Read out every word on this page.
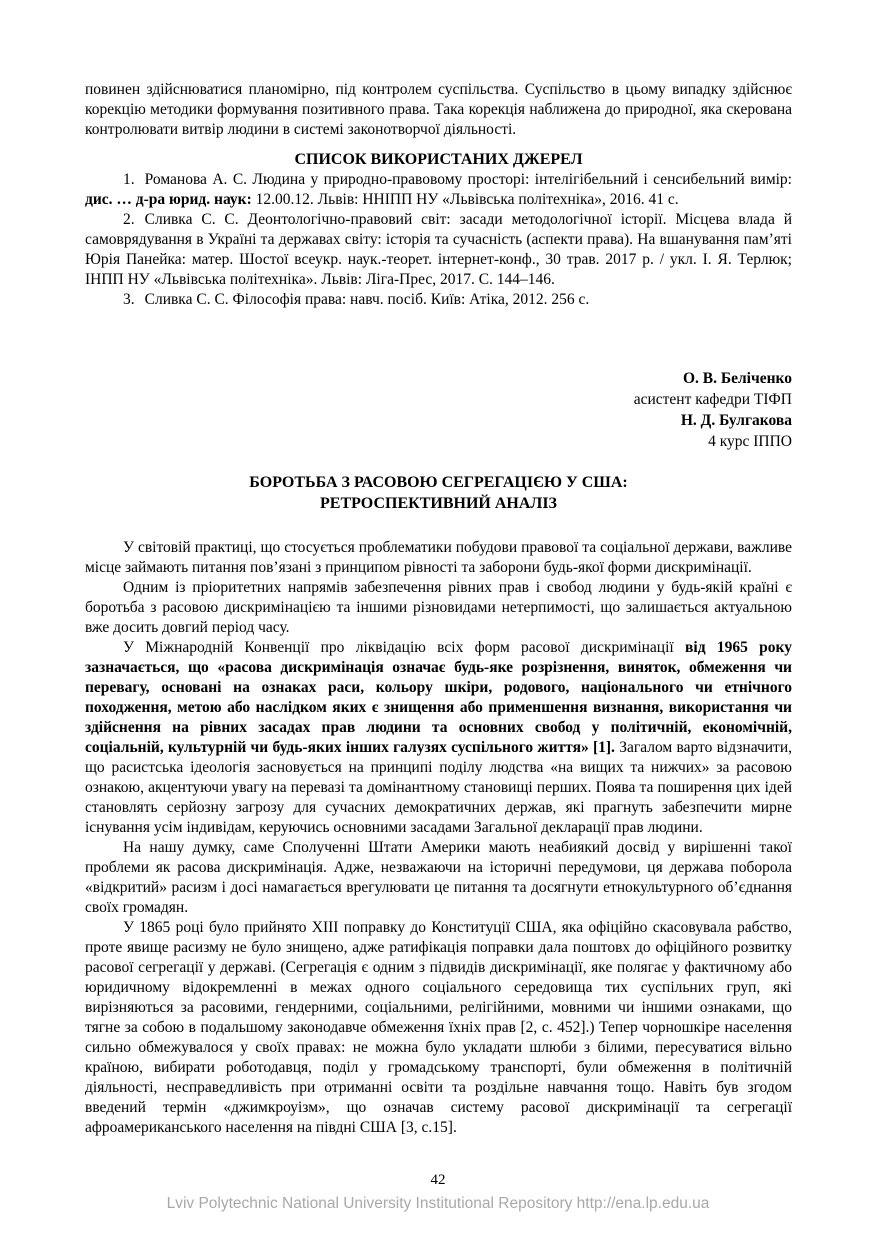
повинен здійснюватися планомірно, під контролем суспільства. Суспільство в цьому випадку здійснює корекцію методики формування позитивного права. Така корекція наближена до природної, яка скерована контролювати витвір людини в системі законотворчої діяльності.

СПИСОК ВИКОРИСТАНИХ ДЖЕРЕЛ

1. Романова А. С. Людина у природно-правовому просторі: інтелігібельний і сенсибельний вимір: дис. … д-ра юрид. наук: 12.00.12. Львів: ННІПП НУ «Львівська політехніка», 2016. 41 с.

2. Сливка С. С. Деонтологічно-правовий світ: засади методологічної історії. Місцева влада й самоврядування в Україні та державах світу: історія та сучасність (аспекти права). На вшанування пам’яті Юрія Панейка: матер. Шостої всеукр. наук.-теорет. інтернет-конф., 30 трав. 2017 р. / укл. І. Я. Терлюк; ІНПП НУ «Львівська політехніка». Львів: Ліга-Прес, 2017. С. 144–146.

3. Сливка С. С. Філософія права: навч. посіб. Київ: Атіка, 2012. 256 с.

О. В. Беліченко
асистент кафедри ТІФП
Н. Д. Булгакова
4 курс ІППО
БОРОТЬБА З РАСОВОЮ СЕГРЕГАЦІЄЮ У США:
РЕТРОСПЕКТИВНИЙ АНАЛІЗ

У світовій практиці, що стосується проблематики побудови правової та соціальної держави, важливе місце займають питання пов’язані з принципом рівності та заборони будь-якої форми дискримінації.

Одним із пріоритетних напрямів забезпечення рівних прав і свобод людини у будь-якій країні є боротьба з расовою дискримінацією та іншими різновидами нетерпимості, що залишається актуальною вже досить довгий період часу.

У Міжнародній Конвенції про ліквідацію всіх форм расової дискримінації від 1965 року зазначається, що «расова дискримінація означає будь-яке розрізнення, виняток, обмеження чи перевагу, основані на ознаках раси, кольору шкіри, родового, національного чи етнічного походження, метою або наслідком яких є знищення або применшення визнання, використання чи здійснення на рівних засадах прав людини та основних свобод у політичній, економічній, соціальній, культурній чи будь-яких інших галузях суспільного життя» [1]. Загалом варто відзначити, що расистська ідеологія засновується на принципі поділу людства «на вищих та нижчих» за расовою ознакою, акцентуючи увагу на перевазі та домінантному становищі перших. Поява та поширення цих ідей становлять серйозну загрозу для сучасних демократичних держав, які прагнуть забезпечити мирне існування усім індивідам, керуючись основними засадами Загальної декларації прав людини.

На нашу думку, саме Сполученні Штати Америки мають неабиякий досвід у вирішенні такої проблеми як расова дискримінація. Адже, незважаючи на історичні передумови, ця держава поборола «відкритий» расизм і досі намагається врегулювати це питання та досягнути етнокультурного об’єднання своїх громадян.

У 1865 році було прийнято XIII поправку до Конституції США, яка офіційно скасовувала рабство, проте явище расизму не було знищено, адже ратифікація поправки дала поштовх до офіційного розвитку расової сегрегації у державі. (Сегрегація є одним з підвидів дискримінації, яке полягає у фактичному або юридичному відокремленні в межах одного соціального середовища тих суспільних груп, які вирізняються за расовими, гендерними, соціальними, релігійними, мовними чи іншими ознаками, що тягне за собою в подальшому законодавче обмеження їхніх прав [2, с. 452].) Тепер чорношкіре населення сильно обмежувалося у своїх правах: не можна було укладати шлюби з білими, пересуватися вільно країною, вибирати роботодавця, поділ у громадському транспорті, були обмеження в політичній діяльності, несправедливість при отриманні освіти та роздільне навчання тощо. Навіть був згодом введений термін «джимкроуізм», що означав систему расової дискримінації та сегрегації афроамериканського населення на півдні США [3, с.15].

42
Lviv Polytechnic National University Institutional Repository http://ena.lp.edu.ua
